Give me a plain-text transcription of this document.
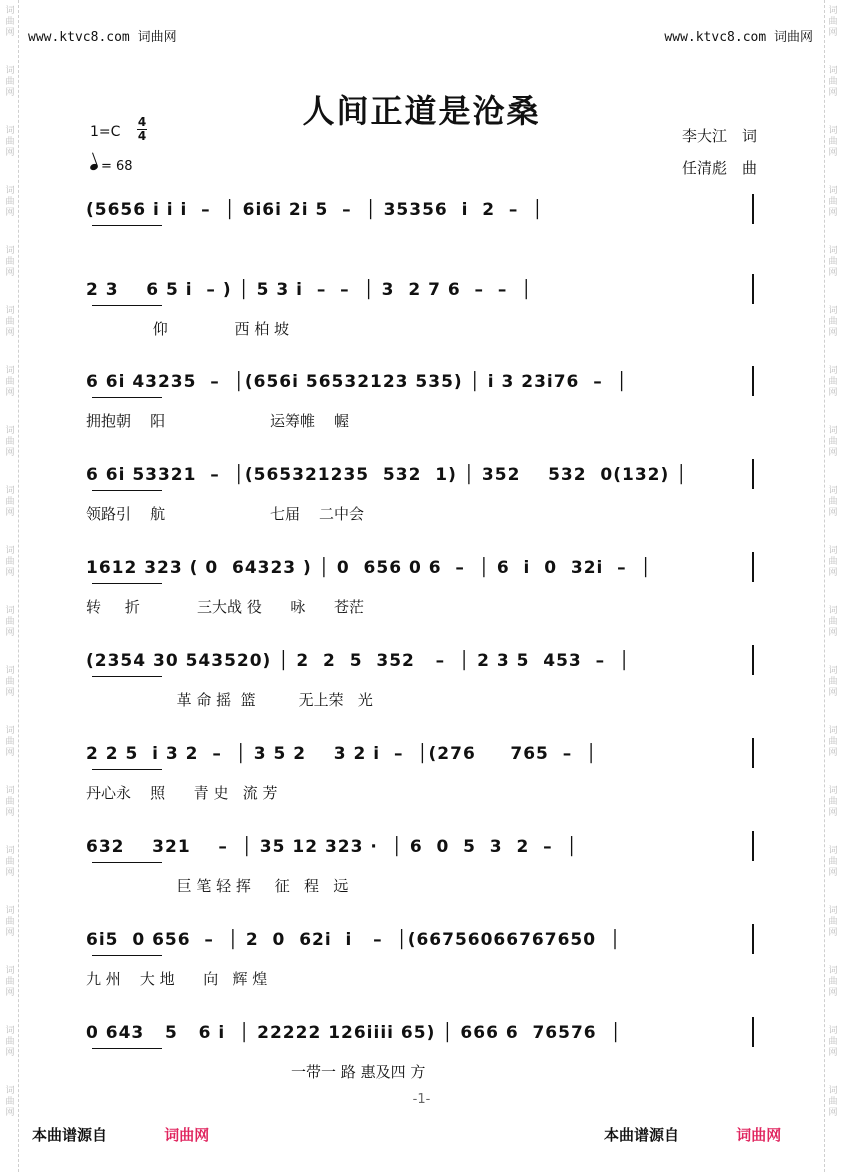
词曲网
词曲网
词曲网
词曲网
词曲网
词曲网
词曲网
词曲网
词曲网
词曲网
词曲网
词曲网
词曲网
词曲网
词曲网
词曲网
词曲网
词曲网
词曲网
词曲网
词曲网
词曲网
词曲网
词曲网
词曲网
词曲网
词曲网
词曲网
词曲网
词曲网
词曲网
词曲网
词曲网
词曲网
词曲网
词曲网
词曲网
词曲网
www.ktvc8.com 词曲网	www.ktvc8.com 词曲网
人间正道是沧桑
1=C
4
4
= 68
李大江　词
任清彪　曲
(5656 i i i  –  │ 6i6i 2i 5  –  │ 35356  i  2  –  │
2 3    6 5 i  – ) │ 5 3 i  –  –  │ 3  2 7 6  –  –  │
仰              西 柏 坡
6 6i 43235  –  │(656i 56532123 535) │ i 3 23i76  –  │
拥抱朝    阳                      运筹帷    幄
6 6i 53321  –  │(565321235  532  1) │ 352    532  0(132) │
领路引    航                      七届    二中会
1612 323 ( 0  64323 ) │ 0  656 0 6  –  │ 6  i  0  32i  –  │
转     折            三大战 役      咏      苍茫
(2354 30 543520) │ 2  2  5  352   –  │ 2 3 5  453  –  │
革 命 摇  篮         无上荣   光
2 2 5  i 3 2  –  │ 3 5 2    3 2 i  –  │(276     765  –  │
丹心永    照      青 史   流 芳
632    321    –  │ 35 12 323 ·  │ 6  0  5  3  2  –  │
巨 笔 轻 挥     征   程   远
6i5  0 656  –  │ 2  0  62i  i   –  │(66756066767650  │
九 州    大 地      向   辉 煌
0 643   5   6 i  │ 22222 126iiii 65) │ 666 6  76576  │
一带一 路 惠及四 方
-1-
本曲谱源自	词曲网	本曲谱源自	词曲网
